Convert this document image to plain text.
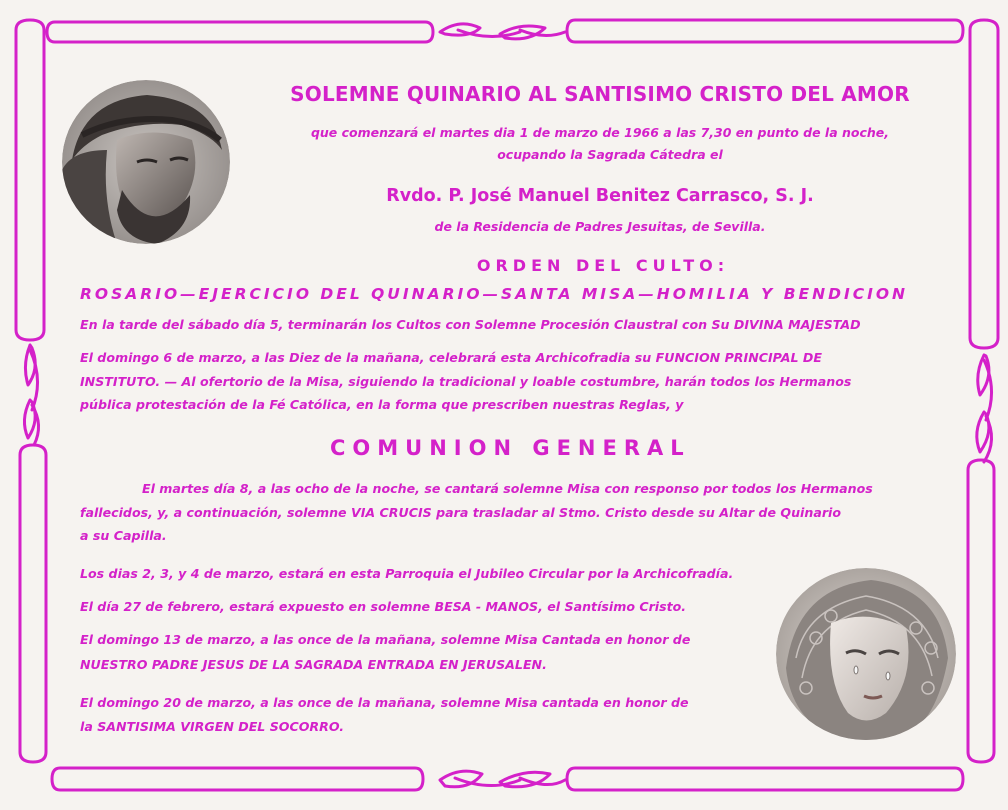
SOLEMNE QUINARIO AL SANTISIMO CRISTO DEL AMOR
que comenzará el martes dia 1 de marzo de 1966 a las 7,30 en punto de la noche,
ocupando la Sagrada Cátedra el
Rvdo. P. José Manuel Benitez Carrasco, S. J.
de la Residencia de Padres Jesuitas, de Sevilla.
ORDEN DEL CULTO:
ROSARIO—EJERCICIO DEL QUINARIO—SANTA MISA—HOMILIA Y BENDICION
En la tarde del sábado día 5, terminarán los Cultos con Solemne Procesión Claustral con Su DIVINA MAJESTAD
El domingo 6 de marzo, a las Diez de la mañana, celebrará esta Archicofradia su FUNCION PRINCIPAL DE
INSTITUTO. — Al ofertorio de la Misa, siguiendo la tradicional y loable costumbre, harán todos los Hermanos
pública protestación de la Fé Católica, en la forma que prescriben nuestras Reglas, y
COMUNION GENERAL
El martes día 8, a las ocho de la noche, se cantará solemne Misa con responso por todos los Hermanos
fallecidos, y, a continuación, solemne VIA CRUCIS para trasladar al Stmo. Cristo desde su Altar de Quinario
a su Capilla.
Los dias 2, 3, y 4 de marzo, estará en esta Parroquia el Jubileo Circular por la Archicofradía.
El día 27 de febrero, estará expuesto en solemne BESA - MANOS, el Santísimo Cristo.
El domingo 13 de marzo, a las once de la mañana, solemne Misa Cantada en honor de
NUESTRO PADRE JESUS DE LA SAGRADA ENTRADA EN JERUSALEN.
El domingo 20 de marzo, a las once de la mañana, solemne Misa cantada en honor de
la SANTISIMA VIRGEN DEL SOCORRO.
